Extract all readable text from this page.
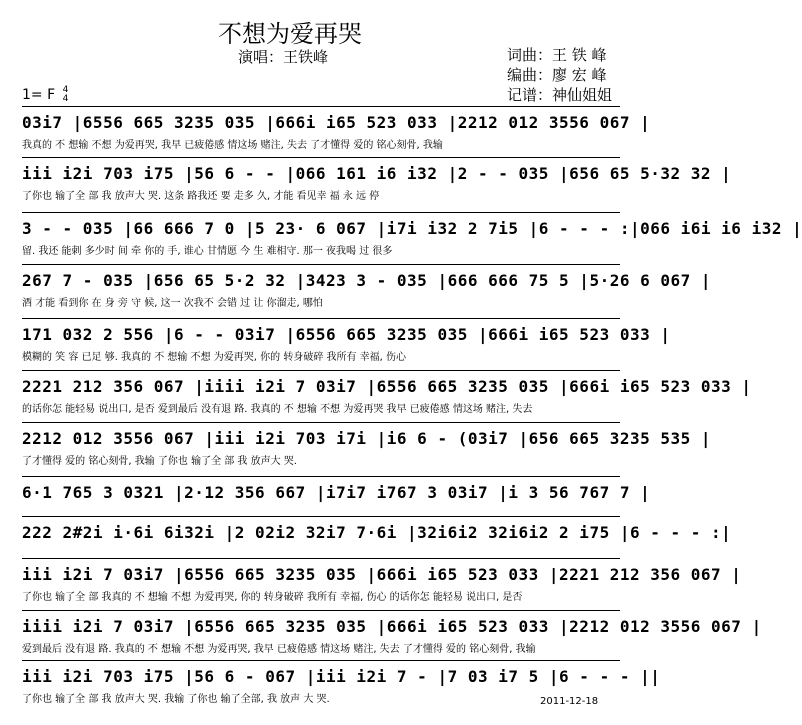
不想为爱再哭
演唱：王铁峰	词曲：王 铁 峰
编曲：廖 宏 峰
记谱：神仙姐姐
1= F 4
4
03i7 |6556 665 3235 035 |666i i65 523 033 |2212 012 3556 067 |
我真的 不 想输 不想 为爱再哭, 我早 已疲倦感 情这场 赌注, 失去 了才懂得 爱的 铭心刻骨, 我输
iii i2i 703 i75 |56 6 - - |066 161 i6 i32 |2 - - 035 |656 65 5·32 32 |
了你也 输了全 部 我 放声大 哭. 这条 路我还 要 走多 久, 才能 看见幸 福 永 远 停
3 - - 035 |66 666 7 0 |5 23· 6 067 |i7i i32 2 7i5 |6 - - - :|066 i6i i6 i32 |
留. 我还 能刺 多少时 间 牵 你的 手, 谁心 甘情愿 今 生 难相守. 那一 夜我喝 过 很多
267 7 - 035 |656 65 5·2 32 |3423 3 - 035 |666 666 75 5 |5·26 6 067 |
酒 才能 看到你 在 身 旁 守 候, 这一 次我不 会错 过 让 你溜走, 哪怕
171 032 2 556 |6 - - 03i7 |6556 665 3235 035 |666i i65 523 033 |
模糊的 笑 容 已足 够. 我真的 不 想输 不想 为爱再哭, 你的 转身破碎 我所有 幸福, 伤心
2221 212 356 067 |iiii i2i 7 03i7 |6556 665 3235 035 |666i i65 523 033 |
的话你怎 能轻易 说出口, 是否 爱到最后 没有退 路. 我真的 不 想输 不想 为爱再哭 我早 已疲倦感 情这场 赌注, 失去
2212 012 3556 067 |iii i2i 703 i7i |i6 6 - (03i7 |656 665 3235 535 |
了才懂得 爱的 铭心刻骨, 我输 了你也 输了全 部 我 放声大 哭.
6·1 765 3 0321 |2·12 356 667 |i7i7 i767 3 03i7 |i 3 56 767 7 |
222 2#2i i·6i 6i32i |2 02i2 32i7 7·6i |32i6i2 32i6i2 2 i75 |6 - - - :|
iii i2i 7 03i7 |6556 665 3235 035 |666i i65 523 033 |2221 212 356 067 |
了你也 输了全 部 我真的 不 想输 不想 为爱再哭, 你的 转身破碎 我所有 幸福, 伤心 的话你怎 能轻易 说出口, 是否
iiii i2i 7 03i7 |6556 665 3235 035 |666i i65 523 033 |2212 012 3556 067 |
爱到最后 没有退 路. 我真的 不 想输 不想 为爱再哭, 我早 已疲倦感 情这场 赌注, 失去 了才懂得 爱的 铭心刻骨, 我输
iii i2i 703 i75 |56 6 - 067 |iii i2i 7 - |7 03 i7 5 |6 - - - ||
了你也 输了全 部 我 放声大 哭. 我输 了你也 输了全部, 我 放声 大 哭.	2011-12-18
